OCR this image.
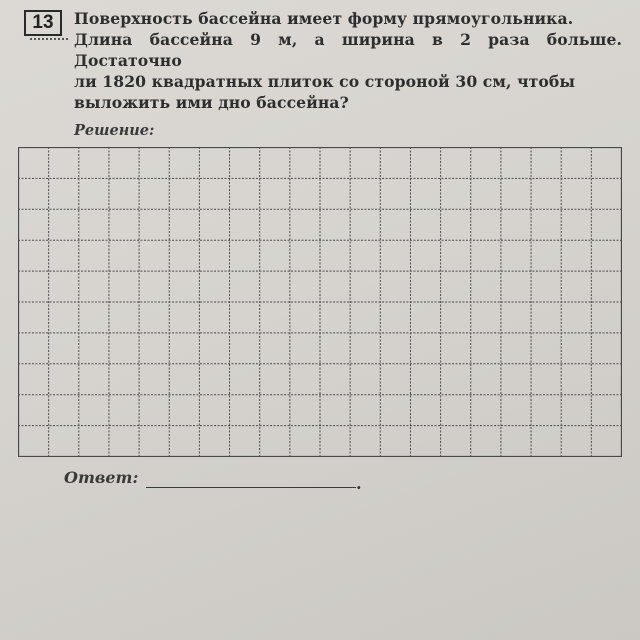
13	Поверхность бассейна имеет форму прямоугольника.
Длина бассейна 9 м, а ширина в 2 раза больше. Достаточно
ли 1820 квадратных плиток со стороной 30 см, чтобы
выложить ими дно бассейна?
Решение:
Ответ:	.
